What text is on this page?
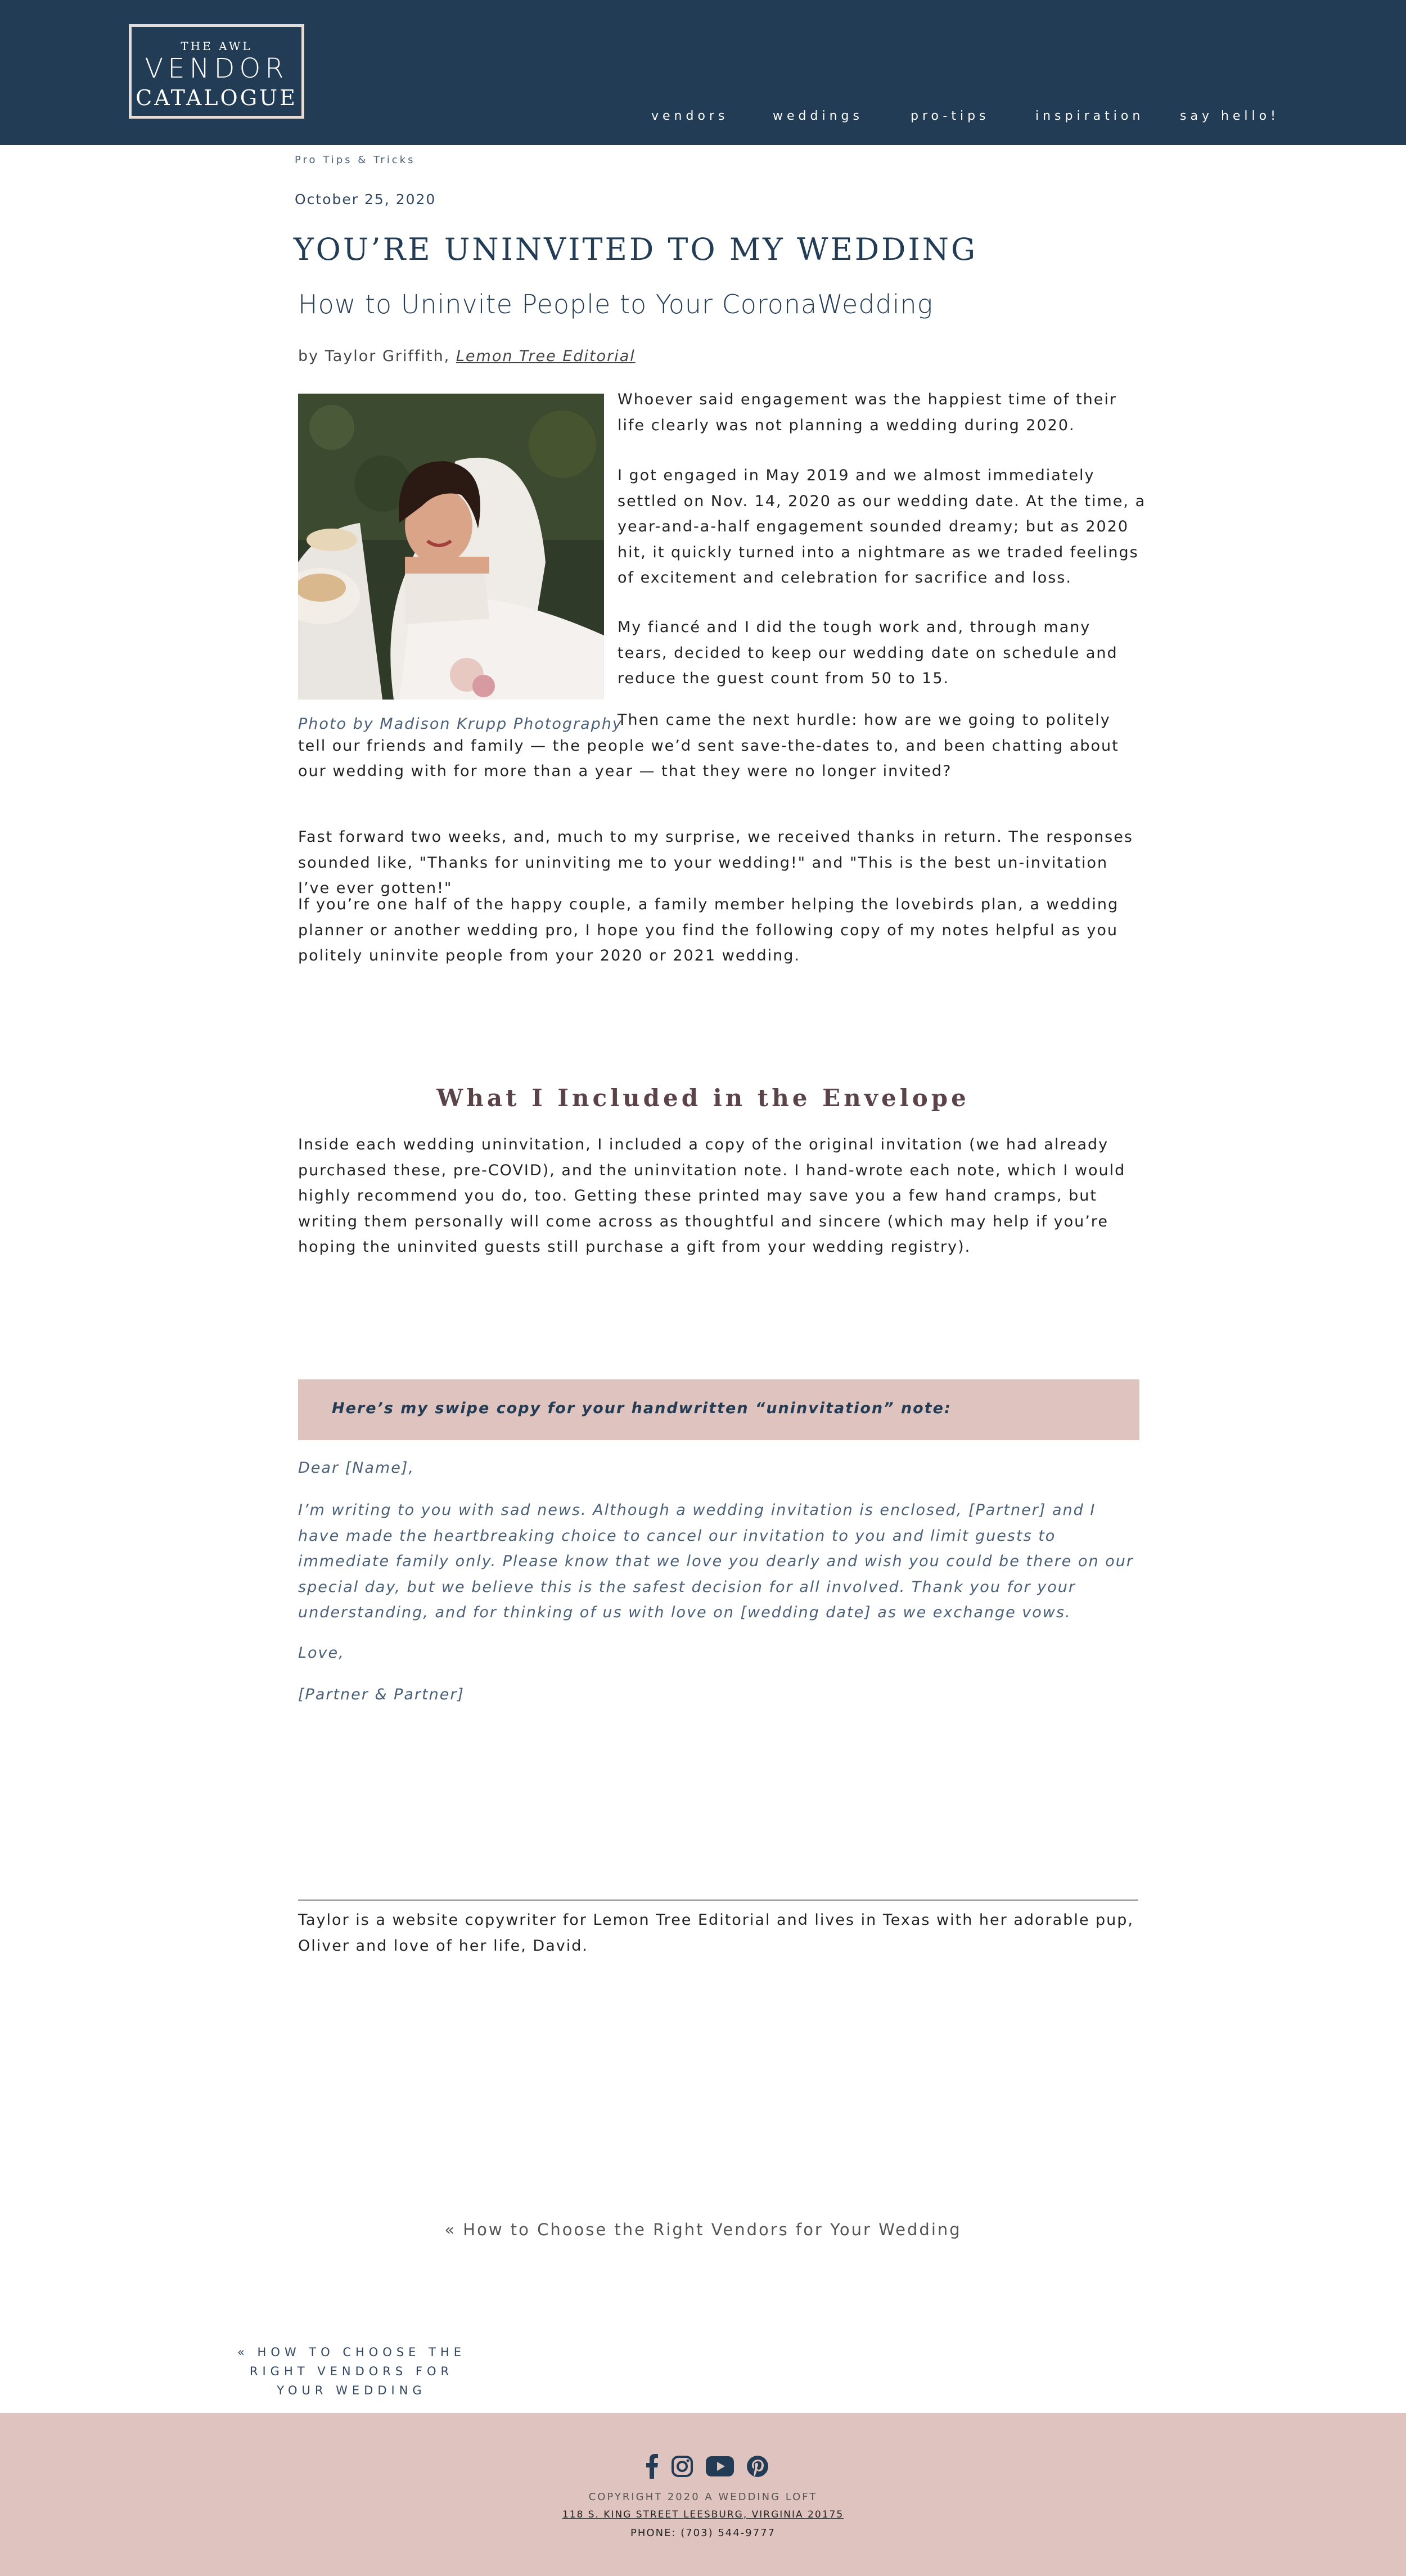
THE AWL
VENDOR
CATALOGUE
vendors	weddings	pro-tips	inspiration	say hello!
Pro Tips & Tricks
October 25, 2020
YOU’RE UNINVITED TO MY WEDDING
How to Uninvite People to Your CoronaWedding
by Taylor Griffith, Lemon Tree Editorial
Photo by Madison Krupp Photography
Whoever said engagement was the happiest time of their life clearly was not planning a wedding during 2020.
I got engaged in May 2019 and we almost immediately settled on Nov. 14, 2020 as our wedding date. At the time, a year-and-a-half engagement sounded dreamy; but as 2020 hit, it quickly turned into a nightmare as we traded feelings of excitement and celebration for sacrifice and loss.
My fiancé and I did the tough work and, through many tears, decided to keep our wedding date on schedule and reduce the guest count from 50 to 15.
Then came the next hurdle: how are we going to politely tell our friends and family — the people we’d sent save-the-dates to, and been chatting about our wedding with for more than a year — that they were no longer invited?
Fast forward two weeks, and, much to my surprise, we received thanks in return. The responses sounded like, "Thanks for uninviting me to your wedding!" and "This is the best un-invitation I’ve ever gotten!"
If you’re one half of the happy couple, a family member helping the lovebirds plan, a wedding planner or another wedding pro, I hope you find the following copy of my notes helpful as you politely uninvite people from your 2020 or 2021 wedding.
What I Included in the Envelope
Inside each wedding uninvitation, I included a copy of the original invitation (we had already purchased these, pre-COVID), and the uninvitation note. I hand-wrote each note, which I would highly recommend you do, too. Getting these printed may save you a few hand cramps, but writing them personally will come across as thoughtful and sincere (which may help if you’re hoping the uninvited guests still purchase a gift from your wedding registry).
Here’s my swipe copy for your handwritten “uninvitation” note:
Dear [Name],
I’m writing to you with sad news. Although a wedding invitation is enclosed, [Partner] and I have made the heartbreaking choice to cancel our invitation to you and limit guests to immediate family only. Please know that we love you dearly and wish you could be there on our special day, but we believe this is the safest decision for all involved. Thank you for your understanding, and for thinking of us with love on [wedding date] as we exchange vows.
Love,
[Partner & Partner]
Taylor is a website copywriter for Lemon Tree Editorial and lives in Texas with her adorable pup, Oliver and love of her life, David.
« How to Choose the Right Vendors for Your Wedding
« HOW TO CHOOSE THE RIGHT VENDORS FOR YOUR WEDDING
COPYRIGHT 2020 A WEDDING LOFT
118 S. KING STREET LEESBURG, VIRGINIA 20175
PHONE: (703) 544-9777
